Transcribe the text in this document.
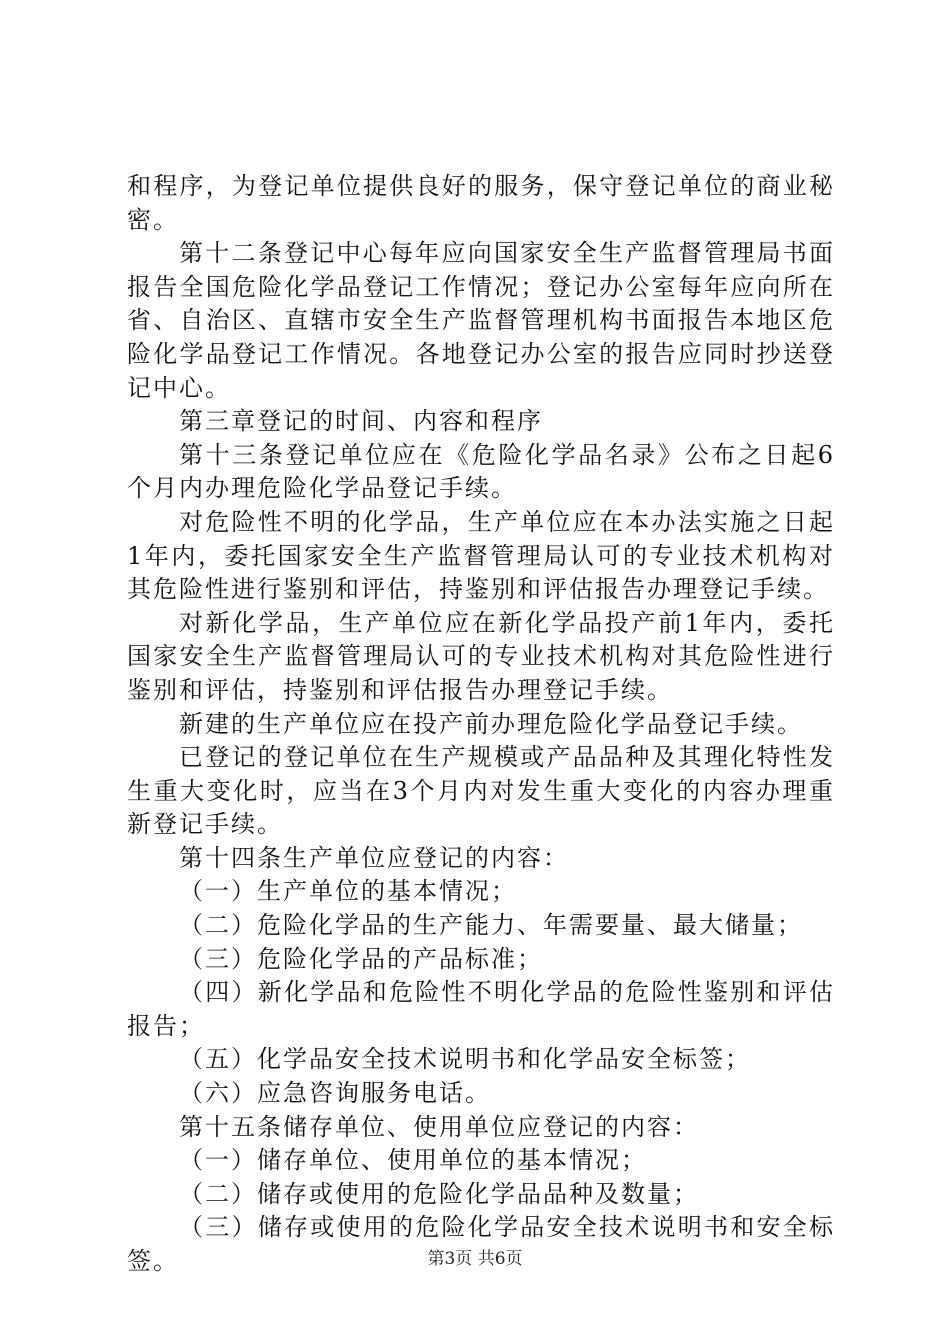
和程序，为登记单位提供良好的服务，保守登记单位的商业秘密。

第十二条登记中心每年应向国家安全生产监督管理局书面报告全国危险化学品登记工作情况；登记办公室每年应向所在省、自治区、直辖市安全生产监督管理机构书面报告本地区危险化学品登记工作情况。各地登记办公室的报告应同时抄送登记中心。

第三章登记的时间、内容和程序

第十三条登记单位应在《危险化学品名录》公布之日起6个月内办理危险化学品登记手续。

对危险性不明的化学品，生产单位应在本办法实施之日起1年内，委托国家安全生产监督管理局认可的专业技术机构对其危险性进行鉴别和评估，持鉴别和评估报告办理登记手续。

对新化学品，生产单位应在新化学品投产前1年内，委托国家安全生产监督管理局认可的专业技术机构对其危险性进行鉴别和评估，持鉴别和评估报告办理登记手续。

新建的生产单位应在投产前办理危险化学品登记手续。

已登记的登记单位在生产规模或产品品种及其理化特性发生重大变化时，应当在3个月内对发生重大变化的内容办理重新登记手续。

第十四条生产单位应登记的内容：

（一）生产单位的基本情况；

（二）危险化学品的生产能力、年需要量、最大储量；

（三）危险化学品的产品标准；

（四）新化学品和危险性不明化学品的危险性鉴别和评估报告；

（五）化学品安全技术说明书和化学品安全标签；

（六）应急咨询服务电话。

第十五条储存单位、使用单位应登记的内容：

（一）储存单位、使用单位的基本情况；

（二）储存或使用的危险化学品品种及数量；

（三）储存或使用的危险化学品安全技术说明书和安全标签。	第3页 共6页
